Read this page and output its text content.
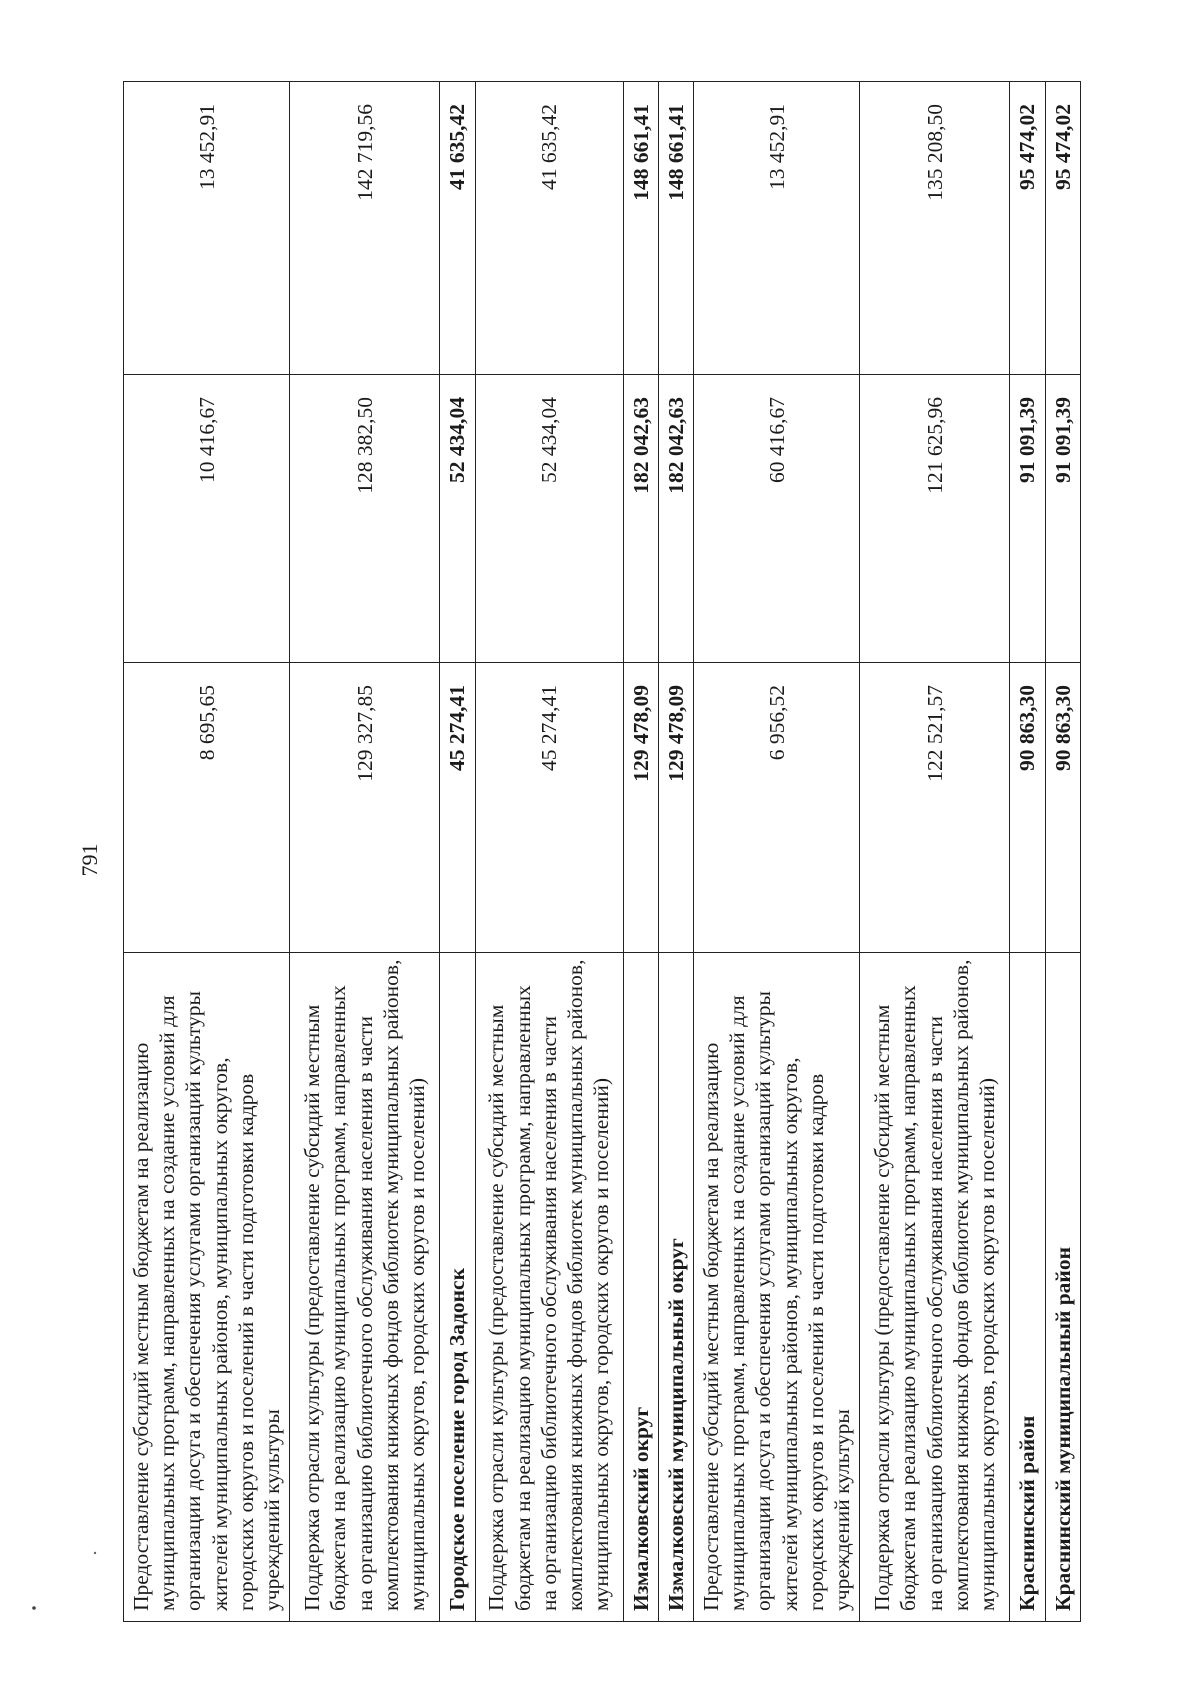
791
Предоставление субсидий местным бюджетам на реализацию муниципальных программ, направленных на создание условий для организации досуга и обеспечения услугами организаций культуры жителей муниципальных районов, муниципальных округов, городских округов и поселений в части подготовки кадров учреждений культуры	8 695,65	10 416,67	13 452,91
Поддержка отрасли культуры (предоставление субсидий местным бюджетам на реализацию муниципальных программ, направленных на организацию библиотечного обслуживания населения в части комплектования книжных фондов библиотек муниципальных районов, муниципальных округов, городских округов и поселений)	129 327,85	128 382,50	142 719,56
Городское поселение город Задонск	45 274,41	52 434,04	41 635,42
Поддержка отрасли культуры (предоставление субсидий местным бюджетам на реализацию муниципальных программ, направленных на организацию библиотечного обслуживания населения в части комплектования книжных фондов библиотек муниципальных районов, муниципальных округов, городских округов и поселений)	45 274,41	52 434,04	41 635,42
Измалковский округ	129 478,09	182 042,63	148 661,41
Измалковский муниципальный округ	129 478,09	182 042,63	148 661,41
Предоставление субсидий местным бюджетам на реализацию муниципальных программ, направленных на создание условий для организации досуга и обеспечения услугами организаций культуры жителей муниципальных районов, муниципальных округов, городских округов и поселений в части подготовки кадров учреждений культуры	6 956,52	60 416,67	13 452,91
Поддержка отрасли культуры (предоставление субсидий местным бюджетам на реализацию муниципальных программ, направленных на организацию библиотечного обслуживания населения в части комплектования книжных фондов библиотек муниципальных районов, муниципальных округов, городских округов и поселений)	122 521,57	121 625,96	135 208,50
Краснинский район	90 863,30	91 091,39	95 474,02
Краснинский муниципальный район	90 863,30	91 091,39	95 474,02
